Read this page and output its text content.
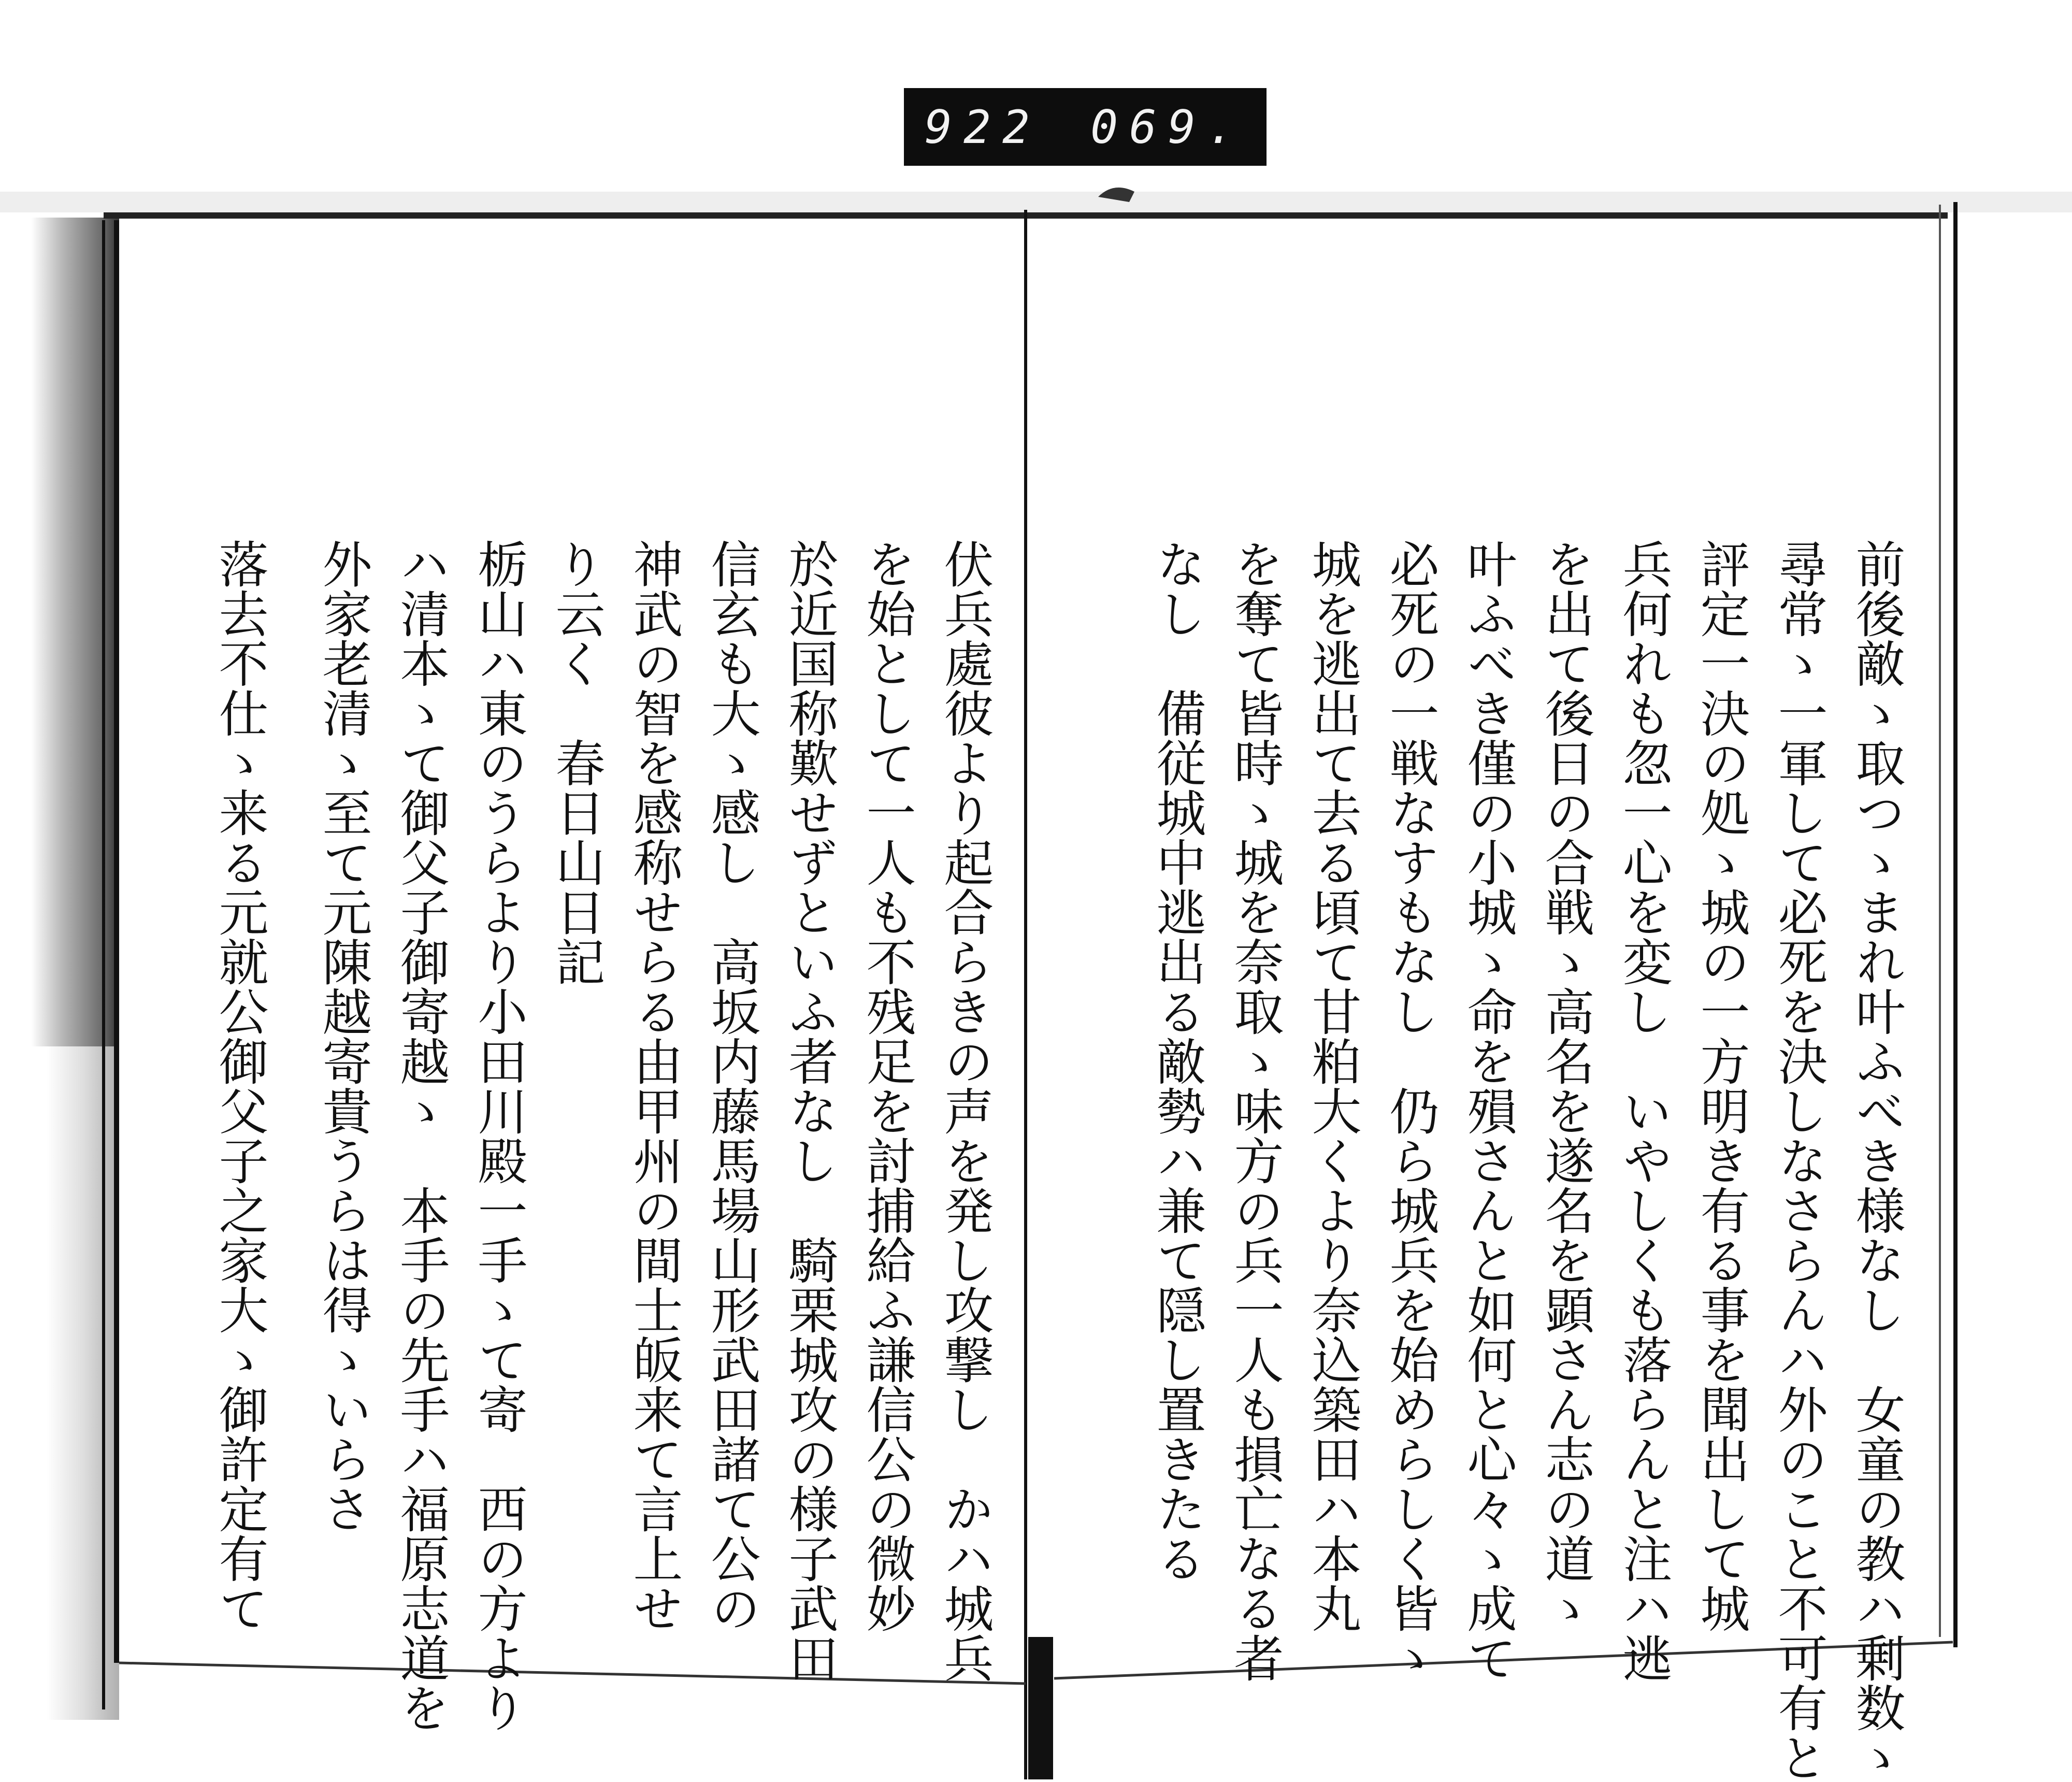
922 069.
前後敵ゝ取つゝまれ叶ふべき様なし　女童の教ハ剰数ゝ
尋常ゝ一軍して必死を決しなさらんハ外のこと不可有と
評定一決の処ゝ城の一方明き有る事を聞出して城
兵何れも忽一心を変し　いやしくも落らんと注ハ逃
を出て後日の合戦ゝ高名を遂名を顕さん志の道ゝ
叶ふべき僅の小城ゝ命を殞さんと如何と心々ゝ成て
必死の一戦なすもなし　仍ら城兵を始めらしく皆ゝ
城を逃出て去る頃て甘粕大くより奈込築田ハ本丸
を奪て皆時ゝ城を奈取ゝ味方の兵一人も損亡なる者
なし　備従城中逃出る敵勢ハ兼て隠し置きたる
伏兵處彼より起合らきの声を発し攻撃し　かハ城兵
を始として一人も不残足を討捕給ふ謙信公の微妙
於近国称歎せずといふ者なし　騎栗城攻の様子武田
信玄も大ゝ感し　高坂内藤馬場山形武田諸て公の
神武の智を感称せらる由甲州の間士皈来て言上せ
り云く　春日山日記
栃山ハ東のうらより小田川殿一手ゝて寄　西の方より
ハ清本ゝて御父子御寄越ゝ　本手の先手ハ福原志道を
外家老清ゝ至て元陳越寄貴うらは得ゝいらさ
落去不仕ゝ来る元就公御父子之家大ゝ御許定有て
